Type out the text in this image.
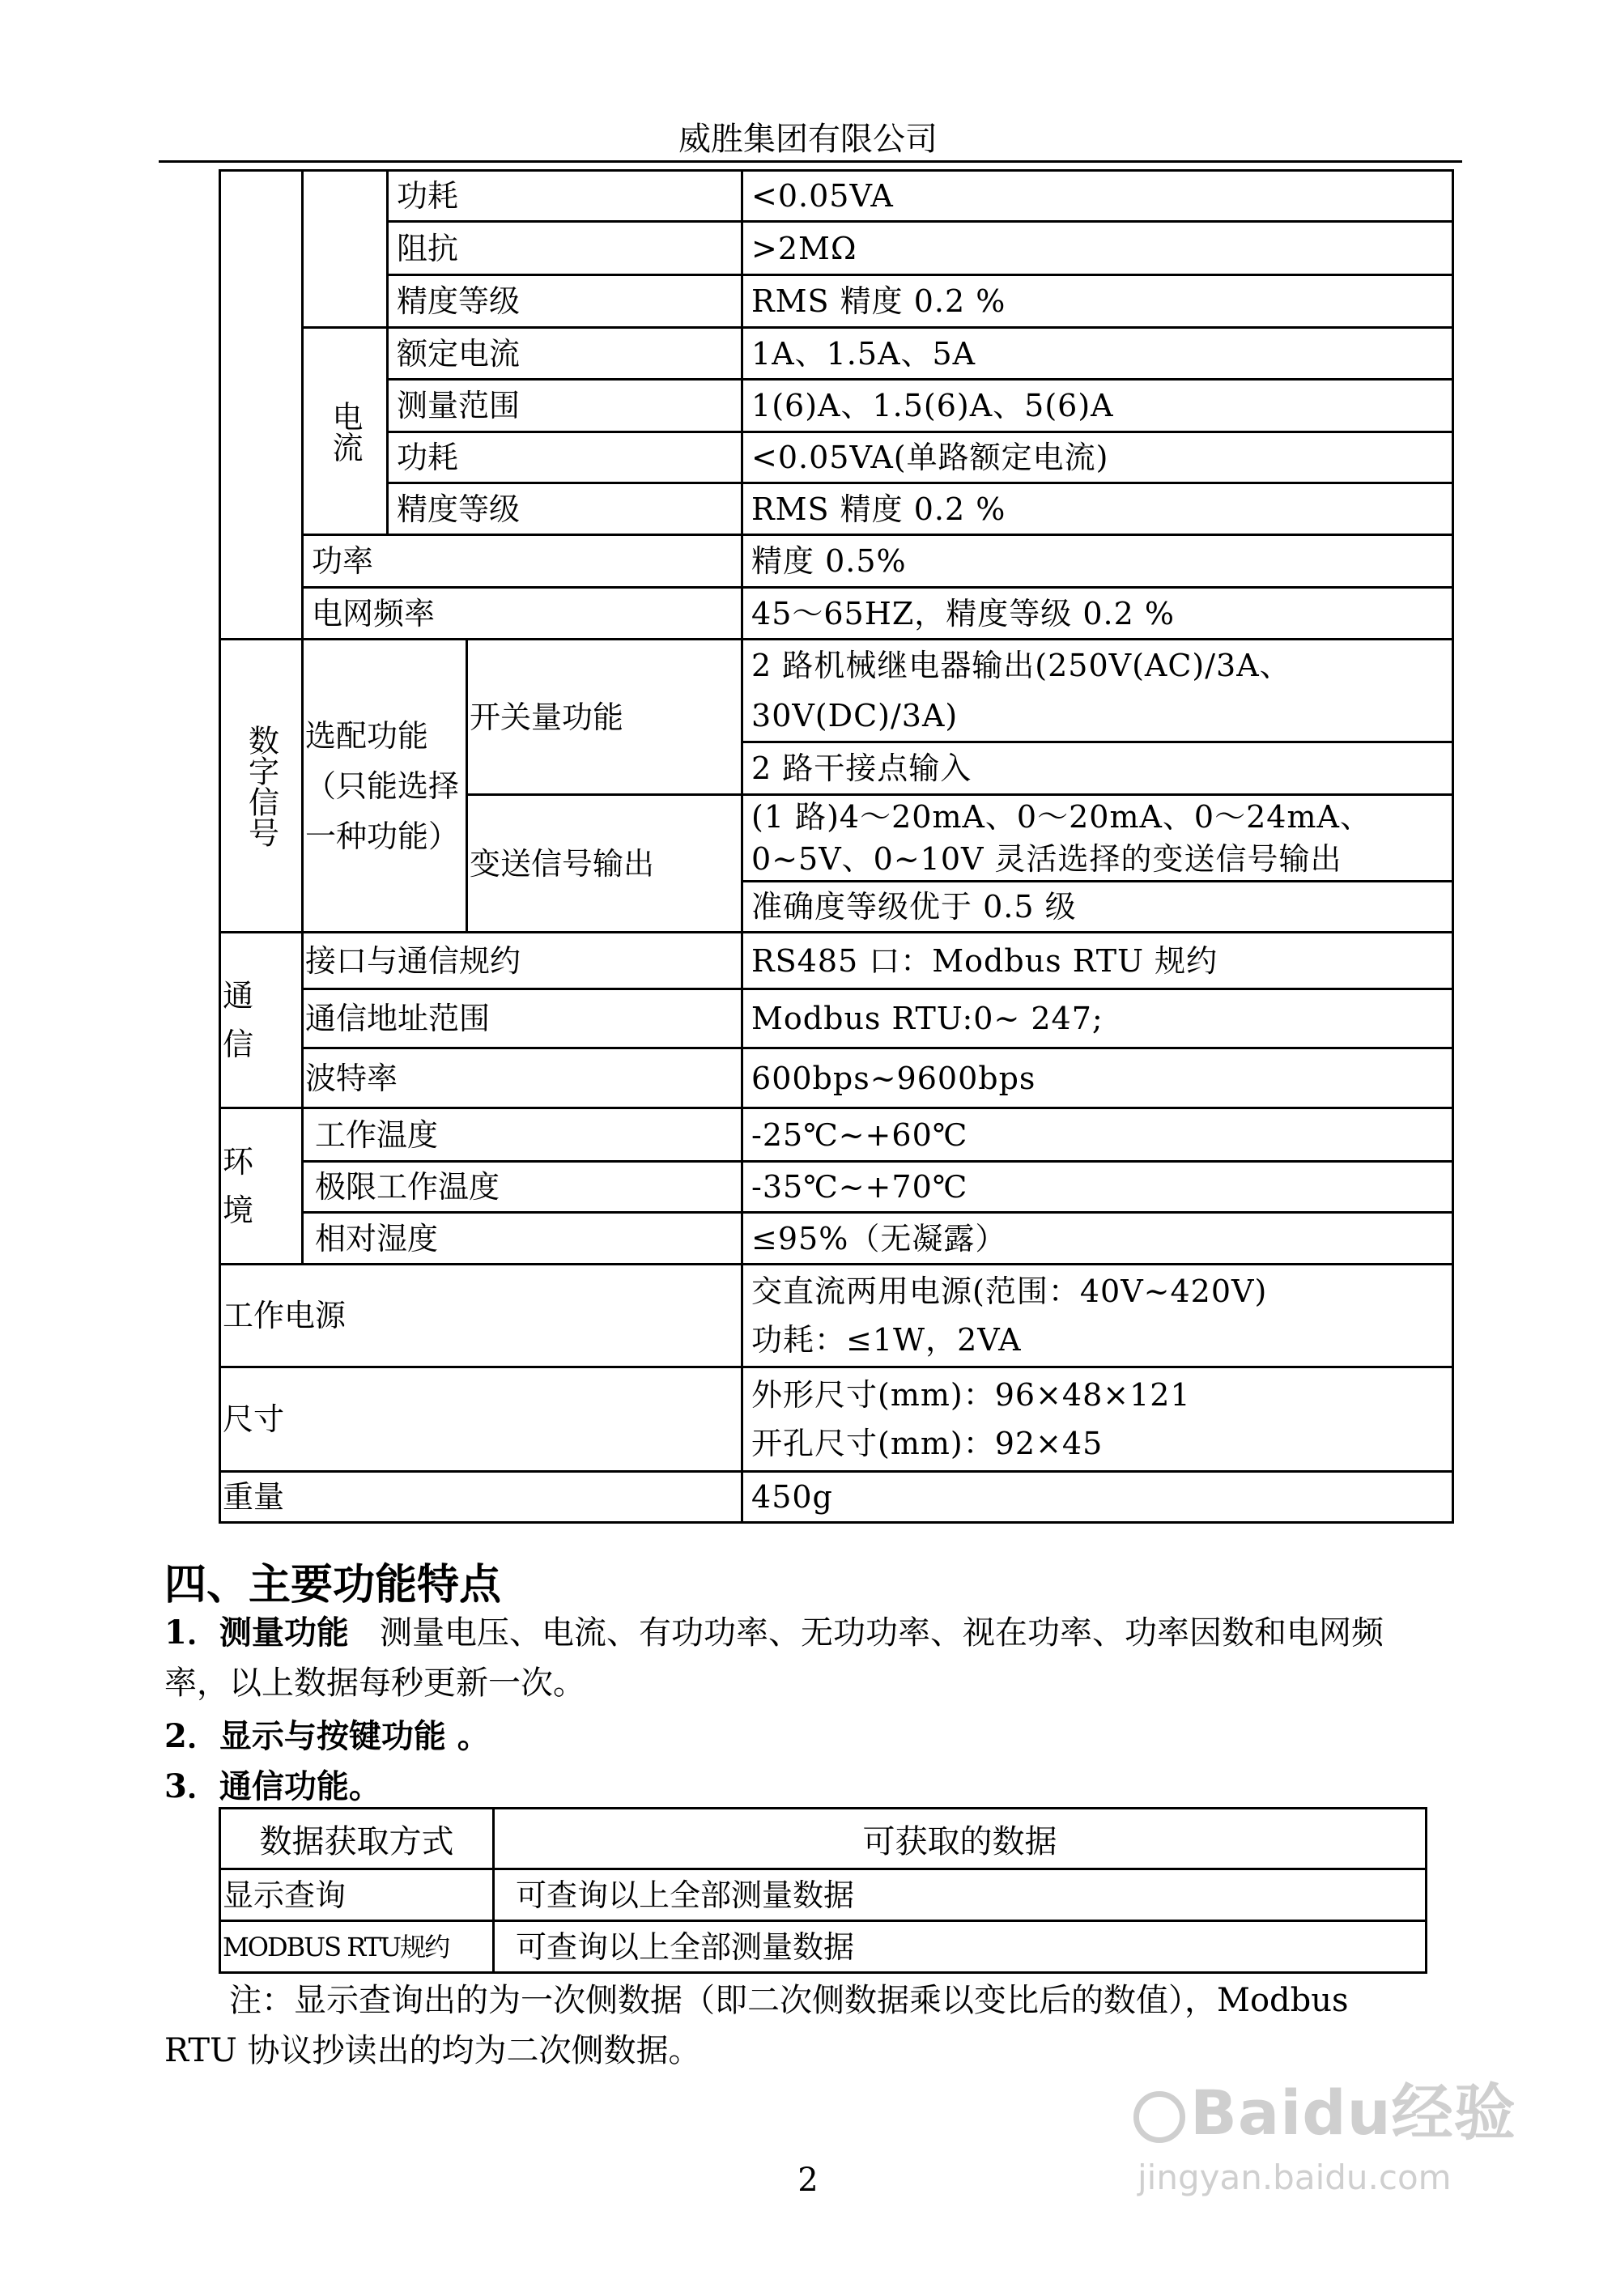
威胜集团有限公司
		功耗		<0.05VA
		阻抗		>2MΩ
		精度等级		RMS 精度 0.2 %
	电流	额定电流		1A、1.5A、5A
		测量范围		1(6)A、1.5(6)A、5(6)A
		功耗		<0.05VA(单路额定电流)
		精度等级		RMS 精度 0.2 %
	功率			精度 0.5%
	电网频率			45～65HZ，精度等级 0.2 %
数字信号	选配功能（只能选择一种功能）		开关量功能	2 路机械继电器输出(250V(AC)/3A、30V(DC)/3A)
				2 路干接点输入
			变送信号输出	(1 路)4～20mA、0～20mA、0～24mA、0~5V、0~10V 灵活选择的变送信号输出
				准确度等级优于 0.5 级

通信	接口与通信规约			RS485 口：Modbus RTU 规约
	通信地址范围			Modbus RTU:0~ 247;
	波特率			600bps~9600bps

环境	工作温度			-25℃~+60℃
	极限工作温度			-35℃~+70℃
	相对湿度			≤95%（无凝露）
工作电源				交直流两用电源(范围：40V~420V)
功耗：≤1W，2VA

尺寸				外形尺寸(mm)：96×48×121
开孔尺寸(mm)：92×45

重量				450g
四、主要功能特点
1．测量功能 测量电压、电流、有功功率、无功功率、视在功率、功率因数和电网频率，以上数据每秒更新一次。
2．显示与按键功能 。
3．通信功能。
数据获取方式	可获取的数据
显示查询	可查询以上全部测量数据
MODBUS RTU规约	可查询以上全部测量数据
注：显示查询出的为一次侧数据（即二次侧数据乘以变比后的数值），Modbus RTU 协议抄读出的均为二次侧数据。
2
Baidu经验
jingyan.baidu.com
